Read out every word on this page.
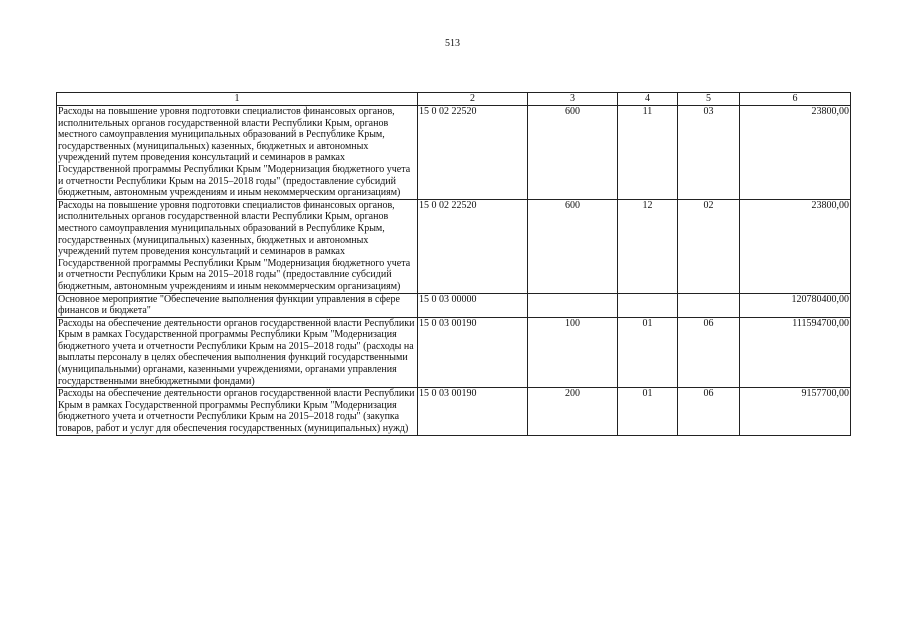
513
1	2	3	4	5	6
Расходы на повышение уровня подготовки специалистов финансовых органов, исполнительных органов государственной власти Республики Крым, органов местного самоуправления муниципальных образований в Республике Крым, государственных (муниципальных) казенных, бюджетных и автономных учреждений путем проведения консультаций и семинаров в рамках Государственной программы Республики Крым "Модернизация бюджетного учета и отчетности Республики Крым на 2015–2018 годы" (предоставление субсидий бюджетным, автономным учреждениям и иным некоммерческим организациям)	15 0 02 22520	600	11	03	23800,00
Расходы на повышение уровня подготовки специалистов финансовых органов, исполнительных органов государственной власти Республики Крым, органов местного самоуправления муниципальных образований в Республике Крым, государственных (муниципальных) казенных, бюджетных и автономных учреждений путем проведения консультаций и семинаров в рамках Государственной программы Республики Крым "Модернизация бюджетного учета и отчетности Республики Крым на 2015–2018 годы" (предоставлние субсидий бюджетным, автономным учреждениям и иным некоммерческим организациям)	15 0 02 22520	600	12	02	23800,00
Основное мероприятие "Обеспечение выполнения функции управления в сфере финансов и бюджета"	15 0 03 00000				120780400,00
Расходы на обеспечение деятельности органов государственной власти Республики Крым в рамках Государственной программы Республики Крым "Модернизация бюджетного учета и отчетности Республики Крым на 2015–2018 годы" (расходы на выплаты персоналу в целях обеспечения выполнения функций государственными (муниципальными) органами, казенными учреждениями, органами управления государственными внебюджетными фондами)	15 0 03 00190	100	01	06	111594700,00
Расходы на обеспечение деятельности органов государственной власти Республики Крым в рамках Государственной программы Республики Крым "Модернизация бюджетного учета и отчетности Республики Крым на 2015–2018 годы" (закупка товаров, работ и услуг для обеспечения государственных (муниципальных) нужд)	15 0 03 00190	200	01	06	9157700,00
